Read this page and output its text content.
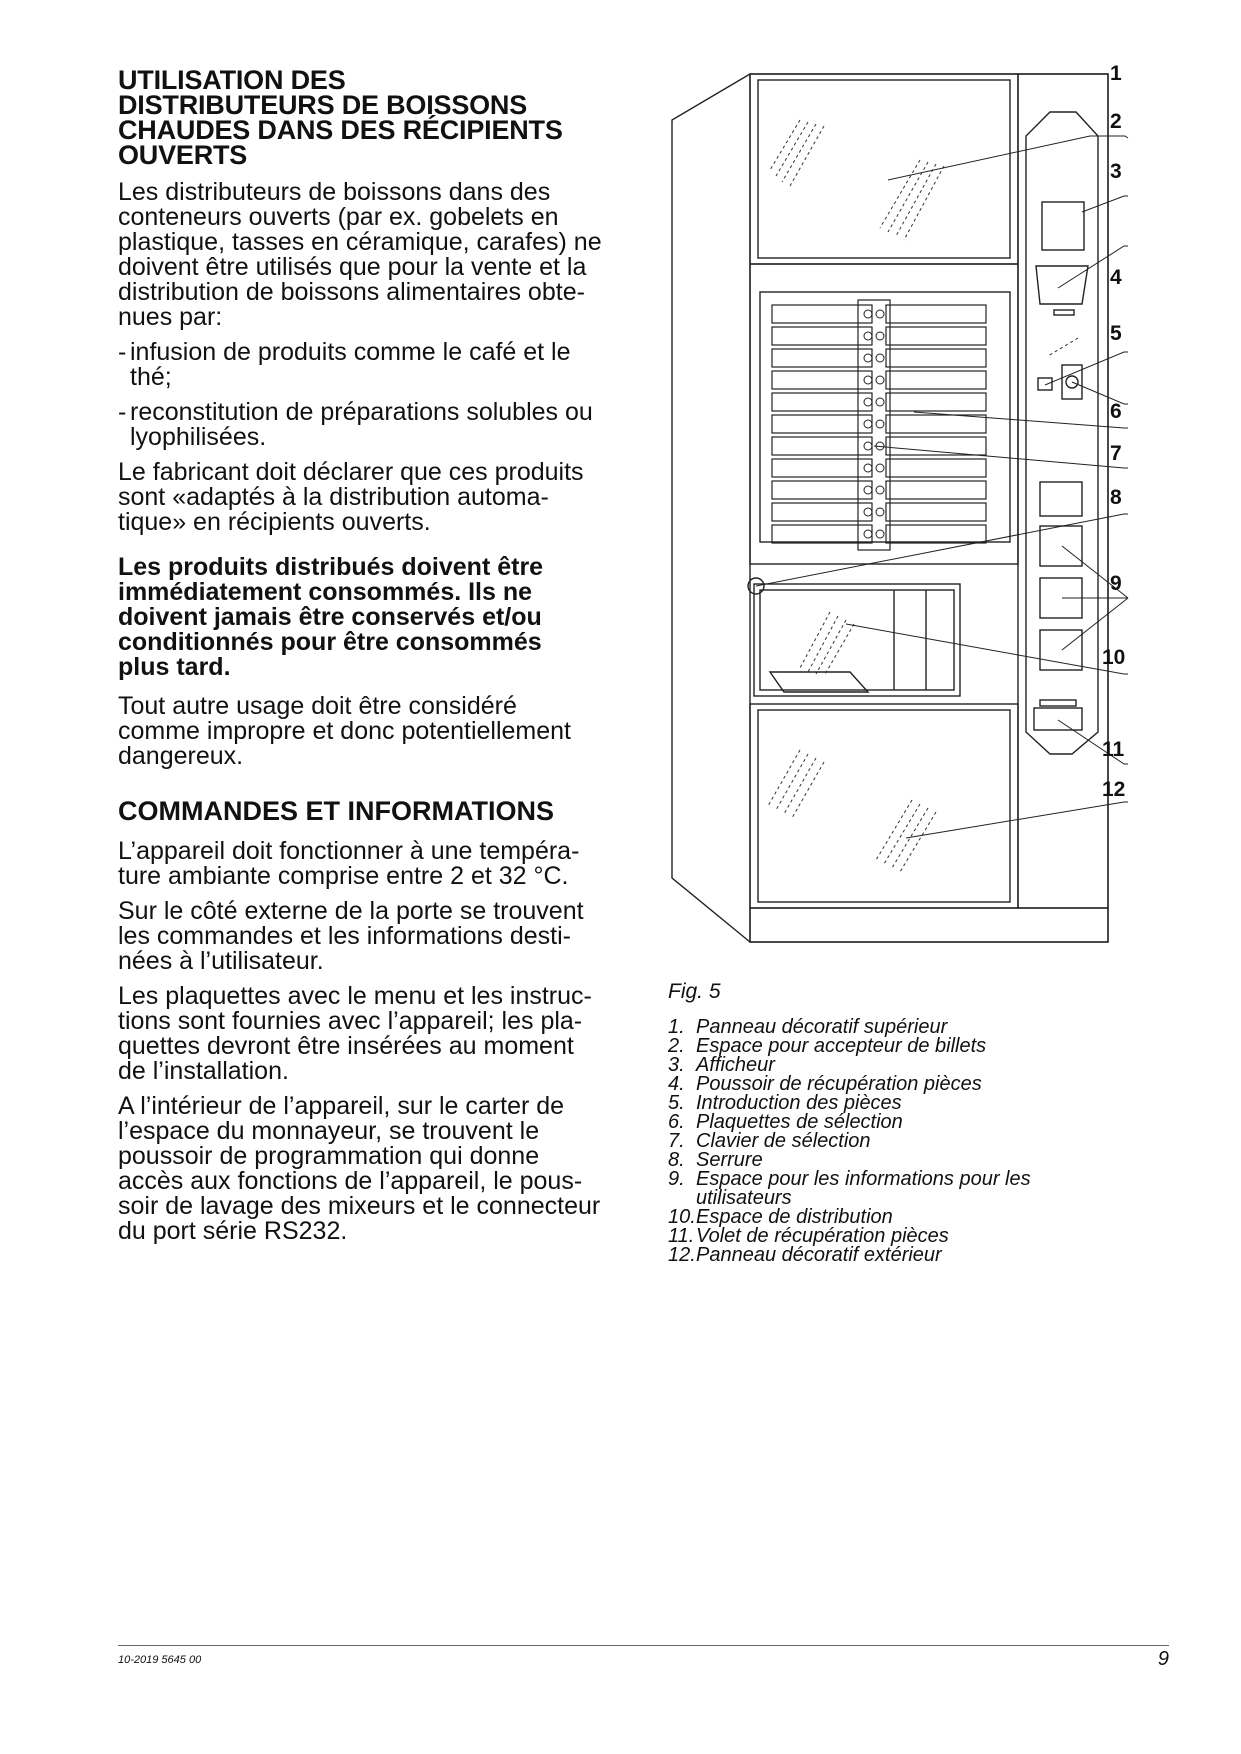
UTILISATION DES
DISTRIBUTEURS DE BOISSONS
CHAUDES DANS DES RÉCIPIENTS
OUVERTS

Les distributeurs de boissons dans des
conteneurs ouverts (par ex. gobelets en
plastique, tasses en céramique, carafes) ne
doivent être utilisés que pour la vente et la
distribution de boissons alimentaires obte-
nues par:

- infusion de produits comme le café et le
thé;
- reconstitution de préparations solubles ou
lyophilisées.

Le fabricant doit déclarer que ces produits
sont «adaptés à la distribution automa-
tique» en récipients ouverts.

Les produits distribués doivent être
immédiatement consommés. Ils ne
doivent jamais être conservés et/ou
conditionnés pour être consommés
plus tard.

Tout autre usage doit être considéré
comme impropre et donc potentiellement
dangereux.

COMMANDES ET INFORMATIONS

L’appareil doit fonctionner à une tempéra-
ture ambiante comprise entre 2 et 32 °C.

Sur le côté externe de la porte se trouvent
les commandes et les informations desti-
nées à l’utilisateur.

Les plaquettes avec le menu et les instruc-
tions sont fournies avec l’appareil; les pla-
quettes devront être insérées au moment
de l’installation.

A l’intérieur de l’appareil, sur le carter de
l’espace du monnayeur, se trouvent le
poussoir de programmation qui donne
accès aux fonctions de l’appareil, le pous-
soir de lavage des mixeurs et le connecteur
du port série RS232.

1
2
3
4
5
6
7
8
9
10
11
12
Fig. 5
1. Panneau décoratif supérieur
2. Espace pour accepteur de billets
3. Afficheur
4. Poussoir de récupération pièces
5. Introduction des pièces
6. Plaquettes de sélection
7. Clavier de sélection
8. Serrure
9. Espace pour les informations pour les
utilisateurs
10. Espace de distribution
11. Volet de récupération pièces
12. Panneau décoratif extérieur
10-2019 5645 00	9
